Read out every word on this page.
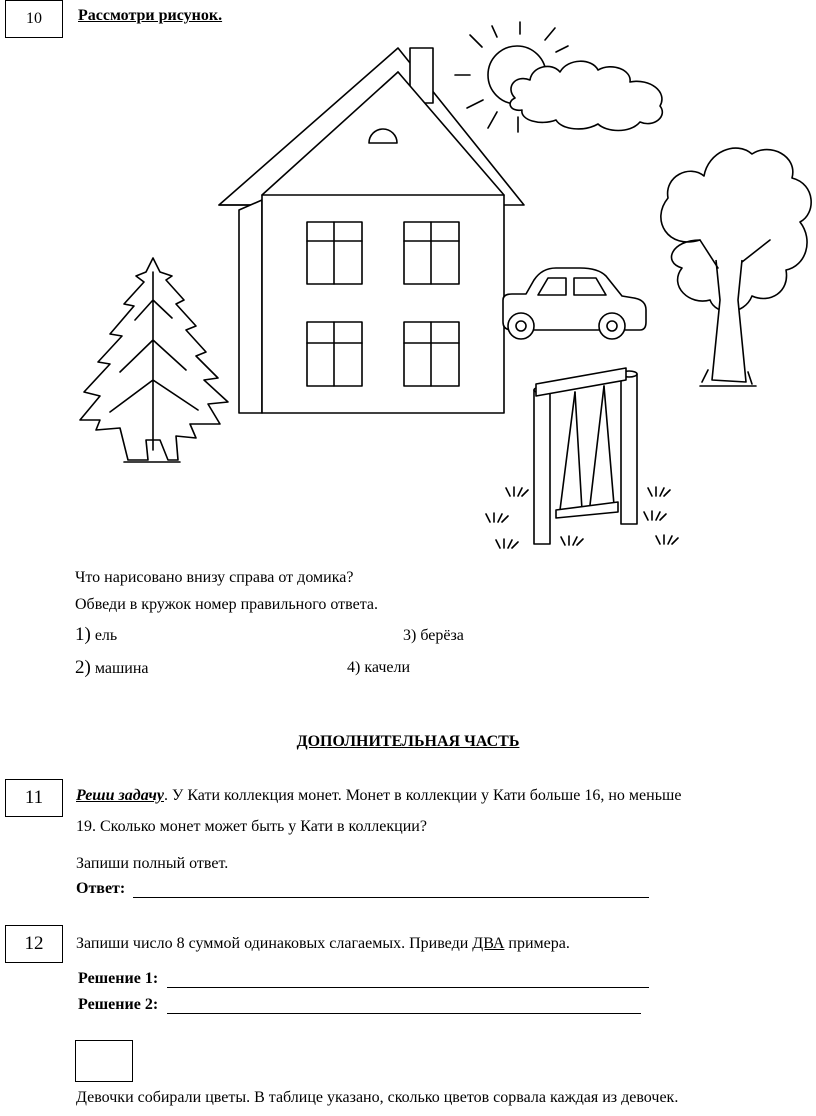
10 Рассмотри рисунок.
Что нарисовано внизу справа от домика?
Обведи в кружок номер правильного ответа.
1) ель
2) машина
3) берёза
4) качели
ДОПОЛНИТЕЛЬНАЯ ЧАСТЬ
11 Реши задачу. У Кати коллекция монет. Монет в коллекции у Кати больше 16, но меньше
19. Сколько монет может быть у Кати в коллекции?
Запиши полный ответ.
Ответ:
12 Запиши число 8 суммой одинаковых слагаемых. Приведи ДВА примера.
Решение 1:
Решение 2:
Девочки собирали цветы. В таблице указано, сколько цветов сорвала каждая из девочек.
